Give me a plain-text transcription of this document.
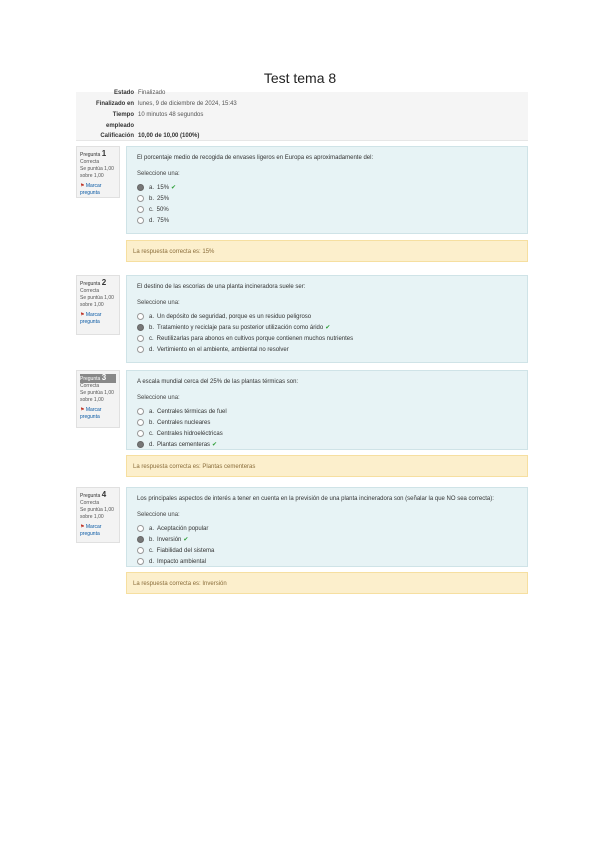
Test tema 8
Estado Finalizado
Finalizado en lunes, 9 de diciembre de 2024, 15:43
Tiempo empleado
10 minutos 48 segundos
Calificación 10,00 de 10,00 (100%)
Pregunta 1
Correcta
Se puntúa 1,00 sobre 1,00
⚑ Marcar pregunta
El porcentaje medio de recogida de envases ligeros en Europa es aproximadamente del:
Seleccione una:
a. 15% ✔
b. 25%
c. 50%
d. 75%
La respuesta correcta es: 15%
Pregunta 2
Correcta
Se puntúa 1,00 sobre 1,00
⚑ Marcar pregunta
El destino de las escorias de una planta incineradora suele ser:
Seleccione una:
a. Un depósito de seguridad, porque es un residuo peligroso
b. Tratamiento y reciclaje para su posterior utilización como árido ✔
c. Reutilizarlas para abonos en cultivos porque contienen muchos nutrientes
d. Vertimiento en el ambiente, ambiental no resolver
Pregunta 3
Correcta
Se puntúa 1,00 sobre 1,00
⚑ Marcar pregunta
A escala mundial cerca del 25% de las plantas térmicas son:
Seleccione una:
a. Centrales térmicas de fuel
b. Centrales nucleares
c. Centrales hidroeléctricas
d. Plantas cementeras ✔
La respuesta correcta es: Plantas cementeras
Pregunta 4
Correcta
Se puntúa 1,00 sobre 1,00
⚑ Marcar pregunta
Los principales aspectos de interés a tener en cuenta en la previsión de una planta incineradora son (señalar la que NO sea correcta):
Seleccione una:
a. Aceptación popular
b. Inversión ✔
c. Fiabilidad del sistema
d. Impacto ambiental
La respuesta correcta es: Inversión
